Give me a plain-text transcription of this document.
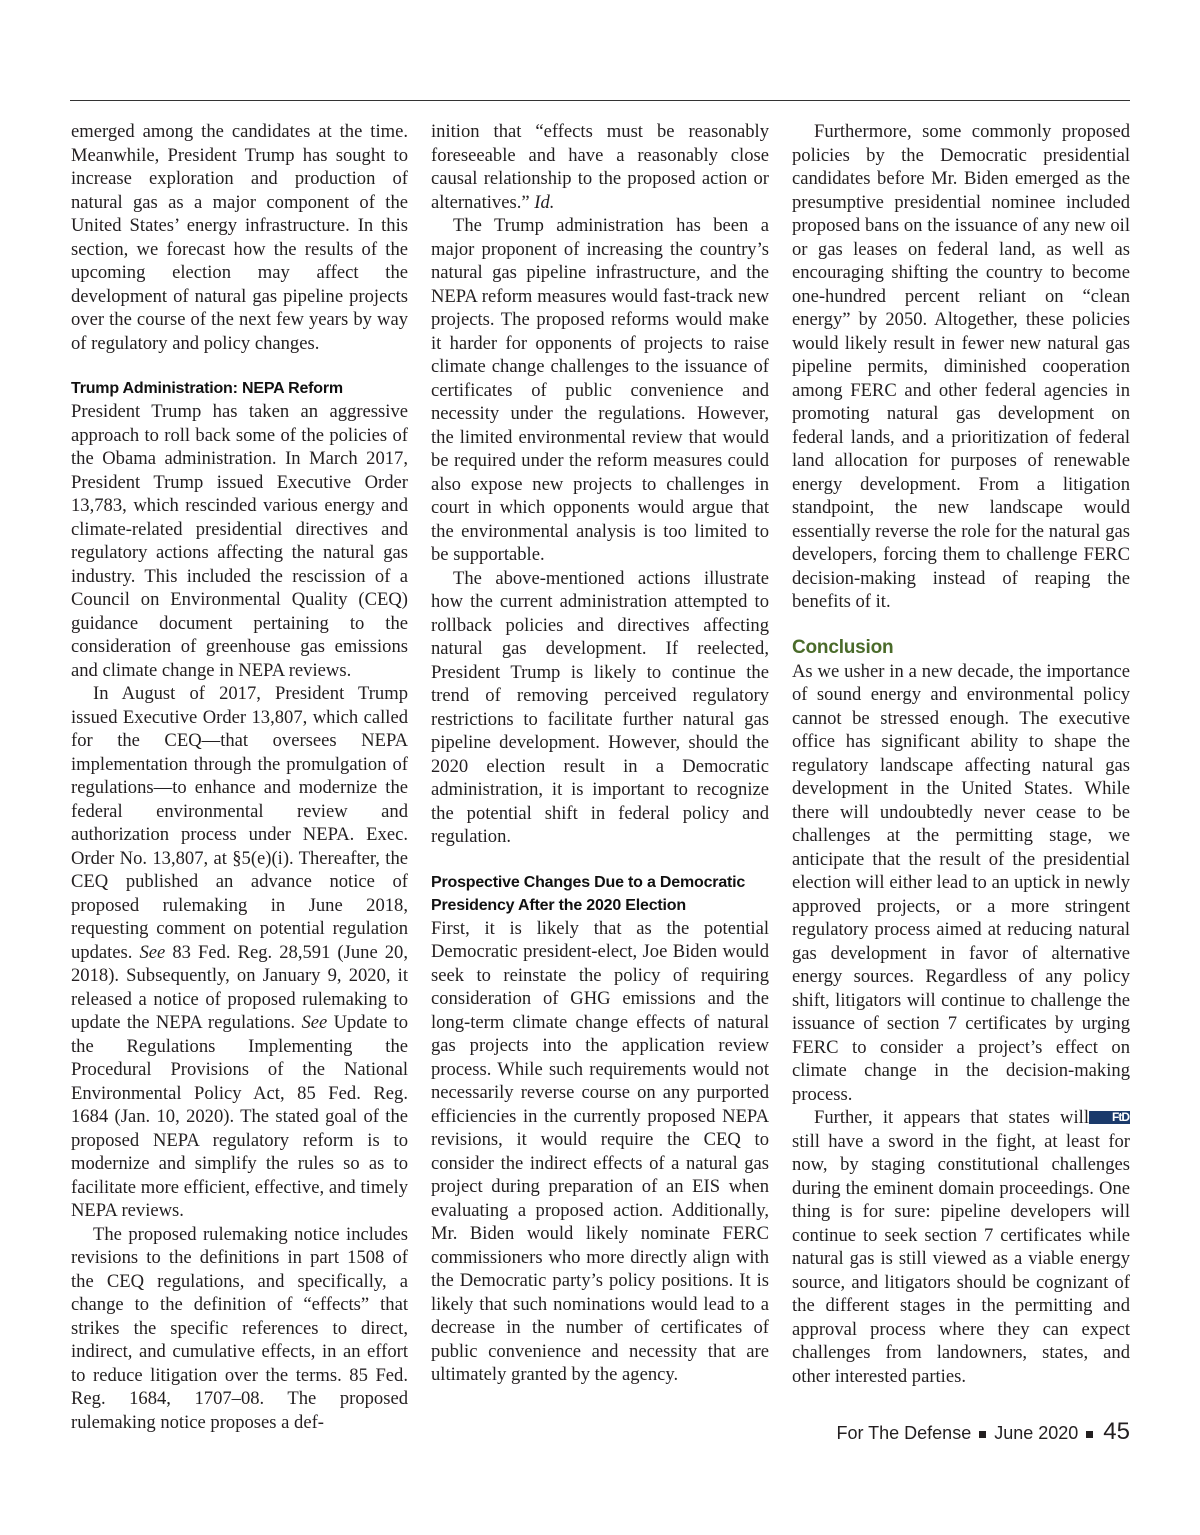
emerged among the candidates at the time. Meanwhile, President Trump has sought to increase exploration and production of natural gas as a major component of the United States’ energy infrastructure. In this section, we forecast how the results of the upcoming election may affect the development of natural gas pipeline projects over the course of the next few years by way of regulatory and policy changes.

Trump Administration: NEPA Reform

President Trump has taken an aggressive approach to roll back some of the policies of the Obama administration. In March 2017, President Trump issued Executive Order 13,783, which rescinded various energy and climate-related presidential directives and regulatory actions affecting the natural gas industry. This included the rescission of a Council on Environmental Quality (CEQ) guidance document pertaining to the consideration of greenhouse gas emissions and climate change in NEPA reviews.

In August of 2017, President Trump issued Executive Order 13,807, which called for the CEQ—that oversees NEPA implementation through the promulgation of regulations—to enhance and modernize the federal environmental review and authorization process under NEPA. Exec. Order No. 13,807, at §5(e)(i). Thereafter, the CEQ published an advance notice of proposed rulemaking in June 2018, requesting comment on potential regulation updates. See 83 Fed. Reg. 28,591 (June 20, 2018). Subsequently, on January 9, 2020, it released a notice of proposed rulemaking to update the NEPA regulations. See Update to the Regulations Implementing the Procedural Provisions of the National Environmental Policy Act, 85 Fed. Reg. 1684 (Jan. 10, 2020). The stated goal of the proposed NEPA regulatory reform is to modernize and simplify the rules so as to facilitate more efficient, effective, and timely NEPA reviews.

The proposed rulemaking notice includes revisions to the definitions in part 1508 of the CEQ regulations, and specifically, a change to the definition of “effects” that strikes the specific references to direct, indirect, and cumulative effects, in an effort to reduce litigation over the terms. 85 Fed. Reg. 1684, 1707–08. The proposed rulemaking notice proposes a def-

inition that “effects must be reasonably foreseeable and have a reasonably close causal relationship to the proposed action or alternatives.” Id.

The Trump administration has been a major proponent of increasing the country’s natural gas pipeline infrastructure, and the NEPA reform measures would fast-track new projects. The proposed reforms would make it harder for opponents of projects to raise climate change challenges to the issuance of certificates of public convenience and necessity under the regulations. However, the limited environmental review that would be required under the reform measures could also expose new projects to challenges in court in which opponents would argue that the environmental analysis is too limited to be supportable.

The above-mentioned actions illustrate how the current administration attempted to rollback policies and directives affecting natural gas development. If reelected, President Trump is likely to continue the trend of removing perceived regulatory restrictions to facilitate further natural gas pipeline development. However, should the 2020 election result in a Democratic administration, it is important to recognize the potential shift in federal policy and regulation.

Prospective Changes Due to a Democratic Presidency After the 2020 Election

First, it is likely that as the potential Democratic president-elect, Joe Biden would seek to reinstate the policy of requiring consideration of GHG emissions and the long-term climate change effects of natural gas projects into the application review process. While such requirements would not necessarily reverse course on any purported efficiencies in the currently proposed NEPA revisions, it would require the CEQ to consider the indirect effects of a natural gas project during preparation of an EIS when evaluating a proposed action. Additionally, Mr. Biden would likely nominate FERC commissioners who more directly align with the Democratic party’s policy positions. It is likely that such nominations would lead to a decrease in the number of certificates of public convenience and necessity that are ultimately granted by the agency.

Furthermore, some commonly proposed policies by the Democratic presidential candidates before Mr. Biden emerged as the presumptive presidential nominee included proposed bans on the issuance of any new oil or gas leases on federal land, as well as encouraging shifting the country to become one-hundred percent reliant on “clean energy” by 2050. Altogether, these policies would likely result in fewer new natural gas pipeline permits, diminished cooperation among FERC and other federal agencies in promoting natural gas development on federal lands, and a prioritization of federal land allocation for purposes of renewable energy development. From a litigation standpoint, the new landscape would essentially reverse the role for the natural gas developers, forcing them to challenge FERC decision-making instead of reaping the benefits of it.

Conclusion

As we usher in a new decade, the importance of sound energy and environmental policy cannot be stressed enough. The executive office has significant ability to shape the regulatory landscape affecting natural gas development in the United States. While there will undoubtedly never cease to be challenges at the permitting stage, we anticipate that the result of the presidential election will either lead to an uptick in newly approved projects, or a more stringent regulatory process aimed at reducing natural gas development in favor of alternative energy sources. Regardless of any policy shift, litigators will continue to challenge the issuance of section 7 certificates by urging FERC to consider a project’s effect on climate change in the decision-making process.

FtD
Further, it appears that states will still have a sword in the fight, at least for now, by staging constitutional challenges during the eminent domain proceedings. One thing is for sure: pipeline developers will continue to seek section 7 certificates while natural gas is still viewed as a viable energy source, and litigators should be cognizant of the different stages in the permitting and approval process where they can expect challenges from landowners, states, and other interested parties.

For The Defense June 2020 45
